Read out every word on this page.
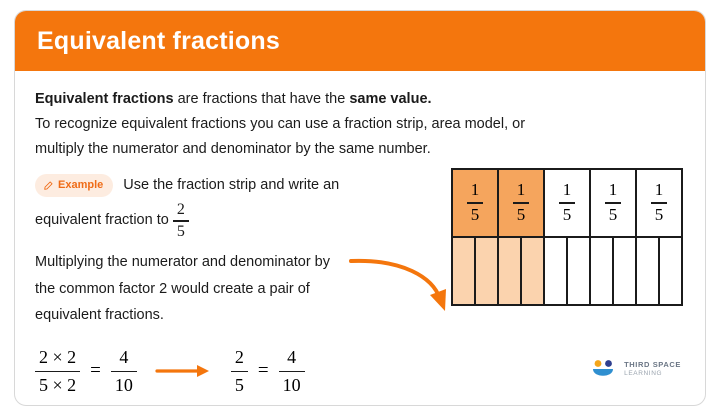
Equivalent fractions
Equivalent fractions are fractions that have the same value.
To recognize equivalent fractions you can use a fraction strip, area model, or
multiply the numerator and denominator by the same number.
Example Use the fraction strip and write an
equivalent fraction to $\frac{2}{5}$
Multiplying the numerator and denominator by
the common factor 2 would create a pair of
equivalent fractions.
$\frac{2 \times 2}{5 \times 2} = \frac{4}{10}$	$\frac{2}{5} = \frac{4}{10}$
$\frac{1}{5} \frac{1}{5} \frac{1}{5} \frac{1}{5} \frac{1}{5}$
THIRD SPACE
LEARNING
